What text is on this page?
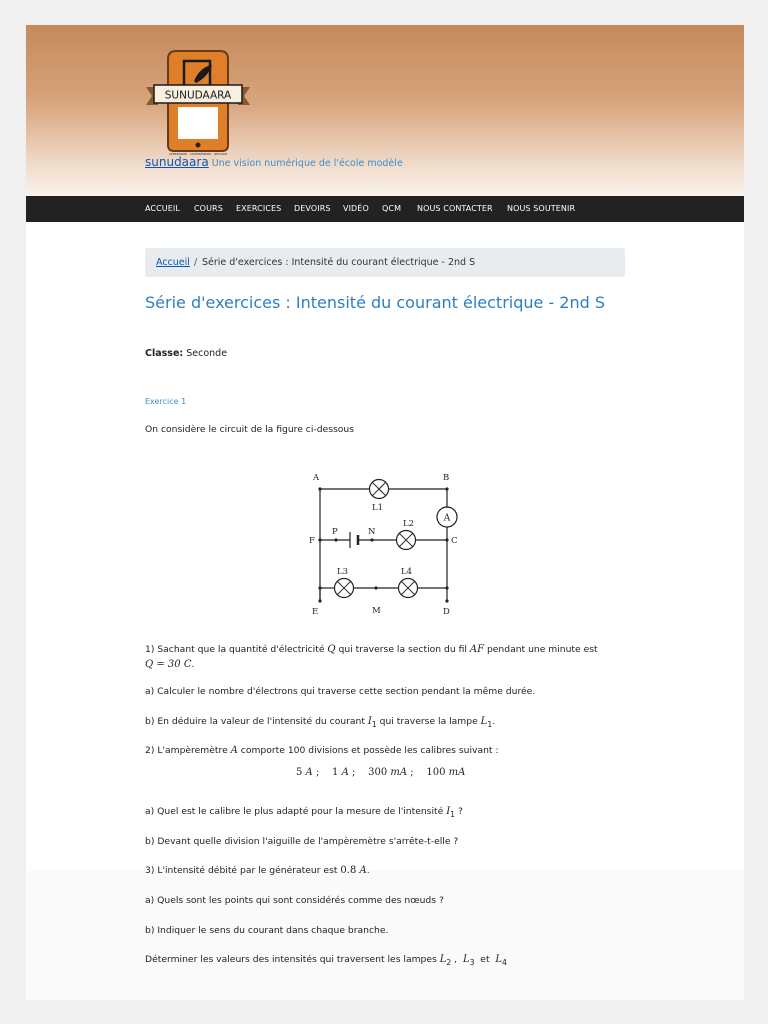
SUNUDAARA
APPRENDRE · COMPRENDRE · REUSSIR
sunudaara Une vision numérique de l'école modèle
ACCUEIL COURS EXERCICES DEVOIRS VIDÉO QCM NOUS CONTACTER NOUS SOUTENIR
Accueil / Série d'exercices : Intensité du courant électrique - 2nd S
Série d'exercices : Intensité du courant électrique - 2nd S
Classe: Seconde
Exercice 1
On considère le circuit de la figure ci-dessous
A
A	B
C
D
E
F
M
N
P
L1
L2
L3	L4
1) Sachant que la quantité d'électricité Q qui traverse la section du fil AF pendant une minute est
Q = 30 C.
a) Calculer le nombre d'électrons qui traverse cette section pendant la même durée.
b) En déduire la valeur de l'intensité du courant $I_1$ qui traverse la lampe $L_1$.
2) L'ampèremètre A comporte 100 divisions et possède les calibres suivant :
5 A ;    1 A ;    300 mA ;    100 mA
a) Quel est le calibre le plus adapté pour la mesure de l'intensité $I_1$ ?
b) Devant quelle division l'aiguille de l'ampèremètre s'arrête-t-elle ?
3) L'intensité débité par le générateur est 0.8 A.
a) Quels sont les points qui sont considérés comme des nœuds ?
b) Indiquer le sens du courant dans chaque branche.
Déterminer les valeurs des intensités qui traversent les lampes $L_2$ ,  $L_3$  et  $L_4$
